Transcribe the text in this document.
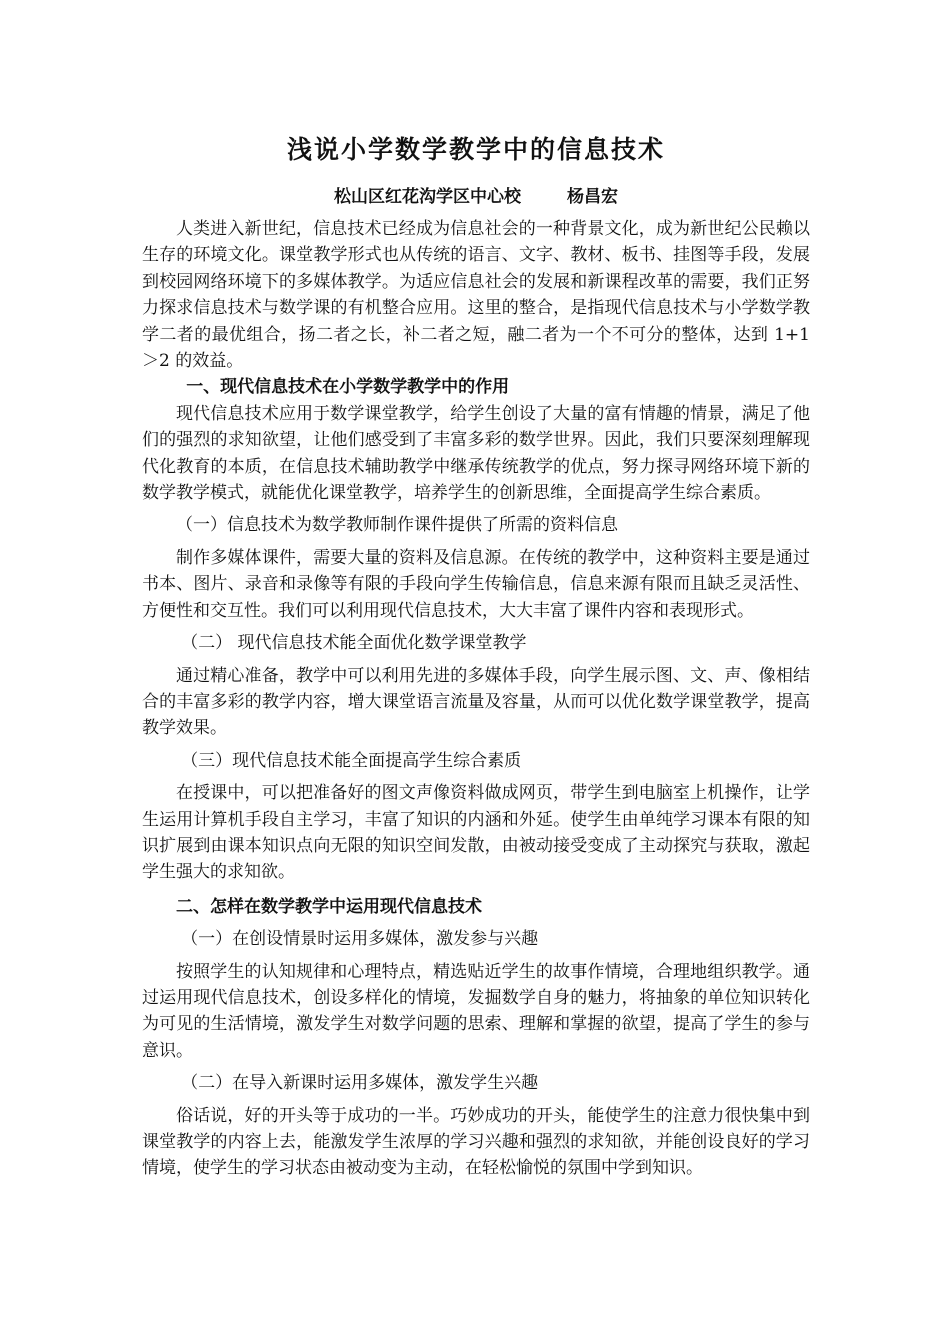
浅说小学数学教学中的信息技术
松山区红花沟学区中心校	杨昌宏

人类进入新世纪，信息技术已经成为信息社会的一种背景文化，成为新世纪公民赖以生存的环境文化。课堂教学形式也从传统的语言、文字、教材、板书、挂图等手段，发展到校园网络环境下的多媒体教学。为适应信息社会的发展和新课程改革的需要，我们正努力探求信息技术与数学课的有机整合应用。这里的整合，是指现代信息技术与小学数学教学二者的最优组合，扬二者之长，补二者之短，融二者为一个不可分的整体，达到 1+1＞2 的效益。

一、现代信息技术在小学数学教学中的作用

现代信息技术应用于数学课堂教学，给学生创设了大量的富有情趣的情景，满足了他们的强烈的求知欲望，让他们感受到了丰富多彩的数学世界。因此，我们只要深刻理解现代化教育的本质，在信息技术辅助教学中继承传统教学的优点，努力探寻网络环境下新的数学教学模式，就能优化课堂教学，培养学生的创新思维，全面提高学生综合素质。

（一）信息技术为数学教师制作课件提供了所需的资料信息

制作多媒体课件，需要大量的资料及信息源。在传统的教学中，这种资料主要是通过书本、图片、录音和录像等有限的手段向学生传输信息，信息来源有限而且缺乏灵活性、方便性和交互性。我们可以利用现代信息技术，大大丰富了课件内容和表现形式。

（二） 现代信息技术能全面优化数学课堂教学

通过精心准备，教学中可以利用先进的多媒体手段，向学生展示图、文、声、像相结合的丰富多彩的教学内容，增大课堂语言流量及容量，从而可以优化数学课堂教学，提高教学效果。

（三）现代信息技术能全面提高学生综合素质

在授课中，可以把准备好的图文声像资料做成网页，带学生到电脑室上机操作，让学生运用计算机手段自主学习，丰富了知识的内涵和外延。使学生由单纯学习课本有限的知识扩展到由课本知识点向无限的知识空间发散，由被动接受变成了主动探究与获取，激起学生强大的求知欲。

二、怎样在数学教学中运用现代信息技术

（一）在创设情景时运用多媒体，激发参与兴趣

按照学生的认知规律和心理特点，精选贴近学生的故事作情境，合理地组织教学。通过运用现代信息技术，创设多样化的情境，发掘数学自身的魅力，将抽象的单位知识转化为可见的生活情境，激发学生对数学问题的思索、理解和掌握的欲望，提高了学生的参与意识。

（二）在导入新课时运用多媒体，激发学生兴趣

俗话说，好的开头等于成功的一半。巧妙成功的开头，能使学生的注意力很快集中到课堂教学的内容上去，能激发学生浓厚的学习兴趣和强烈的求知欲，并能创设良好的学习情境，使学生的学习状态由被动变为主动，在轻松愉悦的氛围中学到知识。
